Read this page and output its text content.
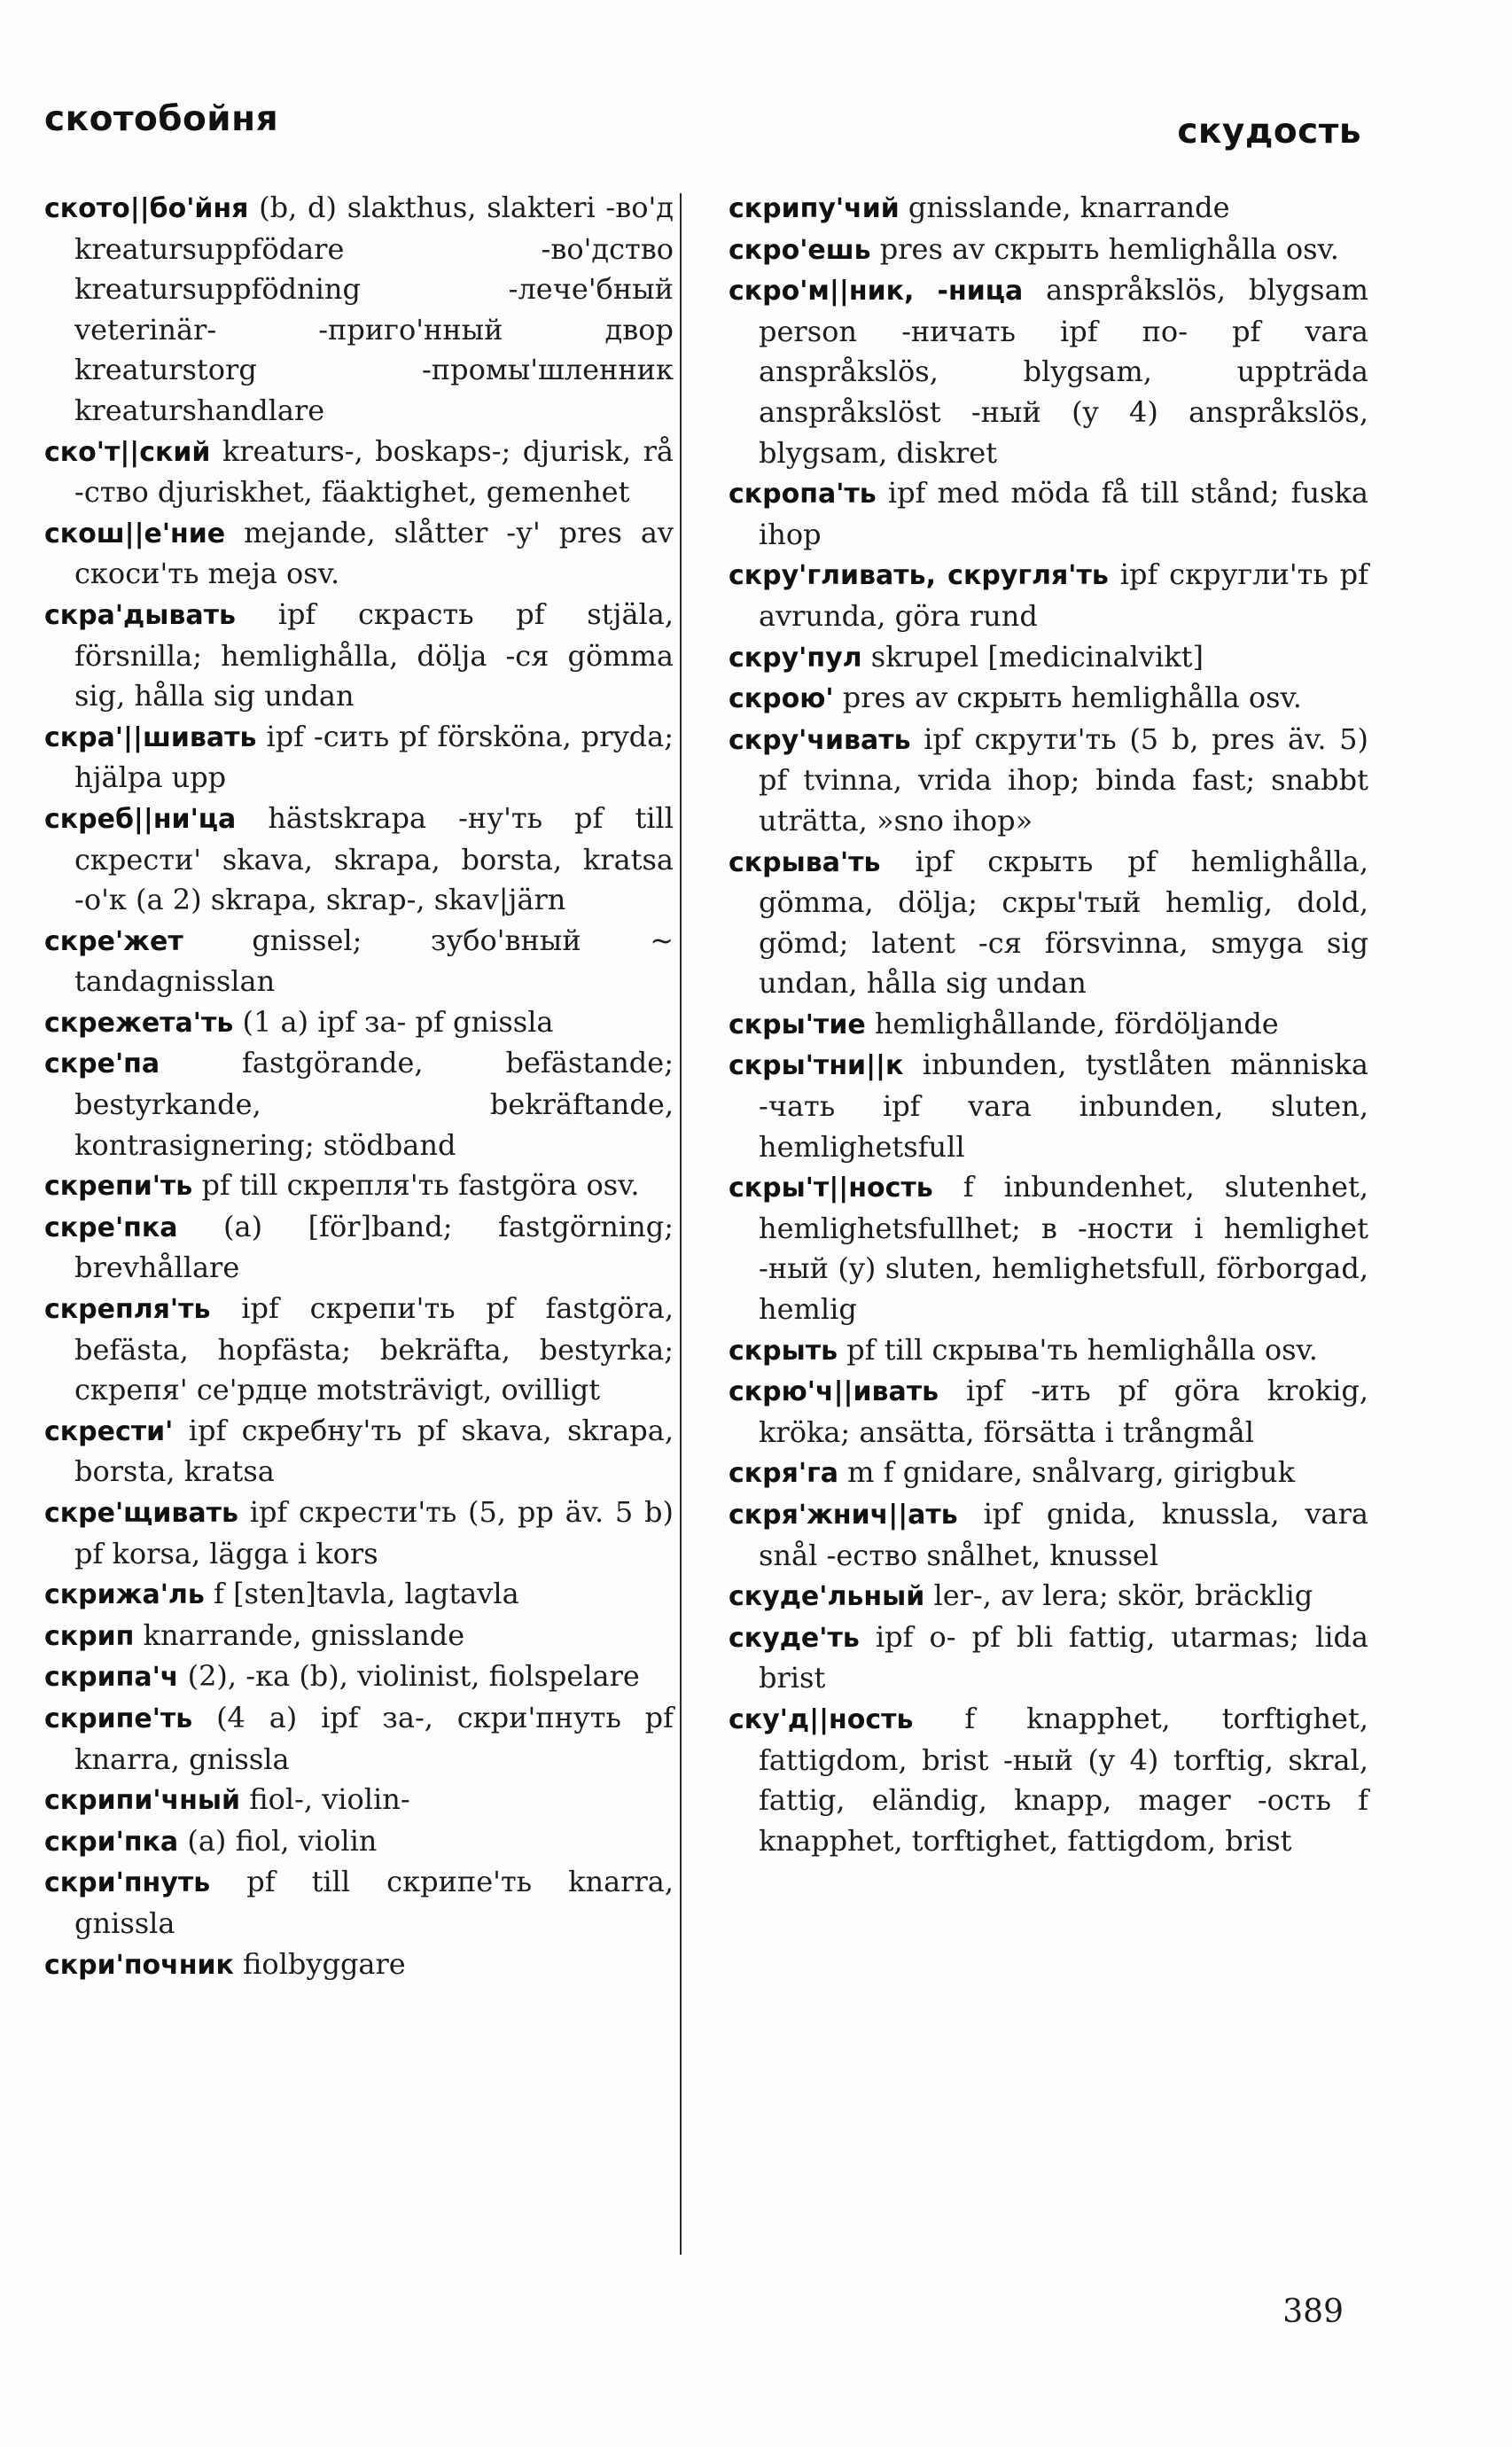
скотобойня	скудость

ското||бо'йня (b, d) slakthus, slakteri -во'д kreatursuppfödare -во'дство kreatursuppfödning -лече'бный veterinär- -приго'нный двор kreaturstorg -промы'шленник kreaturshandlare

ско'т||ский kreaturs-, boskaps-; djurisk, rå -ство djuriskhet, fäaktighet, gemenhet

скош||е'ние mejande, slåtter -у' pres av скоси'ть meja osv.

скра'дывать ipf скрасть pf stjäla, försnilla; hemlighålla, dölja -ся gömma sig, hålla sig undan

скра'||шивать ipf -сить pf försköna, pryda; hjälpa upp

скреб||ни'ца hästskrapa -ну'ть pf till скрести' skava, skrapa, borsta, kratsa -о'к (a 2) skrapa, skrap-, skav|järn

скре'жет gnissel; зубо'вный ~ tandagnisslan

скрежета'ть (1 a) ipf за- pf gnissla

скре'па	fastgörande, befästande; bestyrkande, bekräftande, kontrasignering; stödband

скрепи'ть pf till скрепля'ть fastgöra osv.

скре'пка (a) [för]band; fastgörning; brevhållare

скрепля'ть ipf скрепи'ть pf fastgöra, befästa, hopfästa; bekräfta, bestyrka; скрепя' се'рдце motsträvigt, ovilligt

скрести' ipf скребну'ть pf skava, skrapa, borsta, kratsa

скре'щивать ipf скрести'ть (5, pp äv. 5 b) pf korsa, lägga i kors

скрижа'ль f [sten]tavla, lagtavla

скрип knarrande, gnisslande

скрипа'ч (2), -ка (b), violinist, fiolspelare

скрипе'ть (4 a) ipf за-, скри'пнуть pf knarra, gnissla

скрипи'чный fiol-, violin-

скри'пка (a) fiol, violin

скри'пнуть pf till скрипе'ть knarra, gnissla

скри'почник fiolbyggare

скрипу'чий gnisslande, knarrande

скро'ешь pres av скрыть hemlighålla osv.

скро'м||ник, -ница anspråkslös, blygsam person -ничать ipf по- pf vara anspråkslös, blygsam, uppträda anspråkslöst -ный (y 4) anspråkslös, blygsam, diskret

скропа'ть ipf med möda få till stånd; fuska ihop

скру'гливать, скругля'ть ipf скругли'ть pf avrunda, göra rund

скру'пул skrupel [medicinalvikt]

скрою' pres av скрыть hemlighålla osv.

скру'чивать ipf скрути'ть (5 b, pres äv. 5) pf tvinna, vrida ihop; binda fast; snabbt uträtta, »sno ihop»

скрыва'ть ipf скрыть pf hemlighålla, gömma, dölja; скры'тый hemlig, dold, gömd; latent -ся försvinna, smyga sig undan, hålla sig undan

скры'тие hemlighållande, fördöljande

скры'тни||к inbunden, tystlåten människa -чать ipf vara inbunden, sluten, hemlighetsfull

скры'т||ность f inbundenhet, slutenhet, hemlighetsfullhet; в -ности i hemlighet -ный (y) sluten, hemlighetsfull, förborgad, hemlig

скрыть pf till скрыва'ть hemlighålla osv.

скрю'ч||ивать ipf -ить pf göra krokig, kröka; ansätta, försätta i trångmål

скря'га m f gnidare, snålvarg, girigbuk

скря'жнич||ать ipf gnida, knussla, vara snål -ество snålhet, knussel

скуде'льный ler-, av lera; skör, bräcklig

скуде'ть ipf о- pf bli fattig, utarmas; lida brist

ску'д||ность f knapphet, torftighet, fattigdom, brist -ный (y 4) torftig, skral, fattig, eländig, knapp, mager -ость f knapphet, torftighet, fattigdom, brist

389
